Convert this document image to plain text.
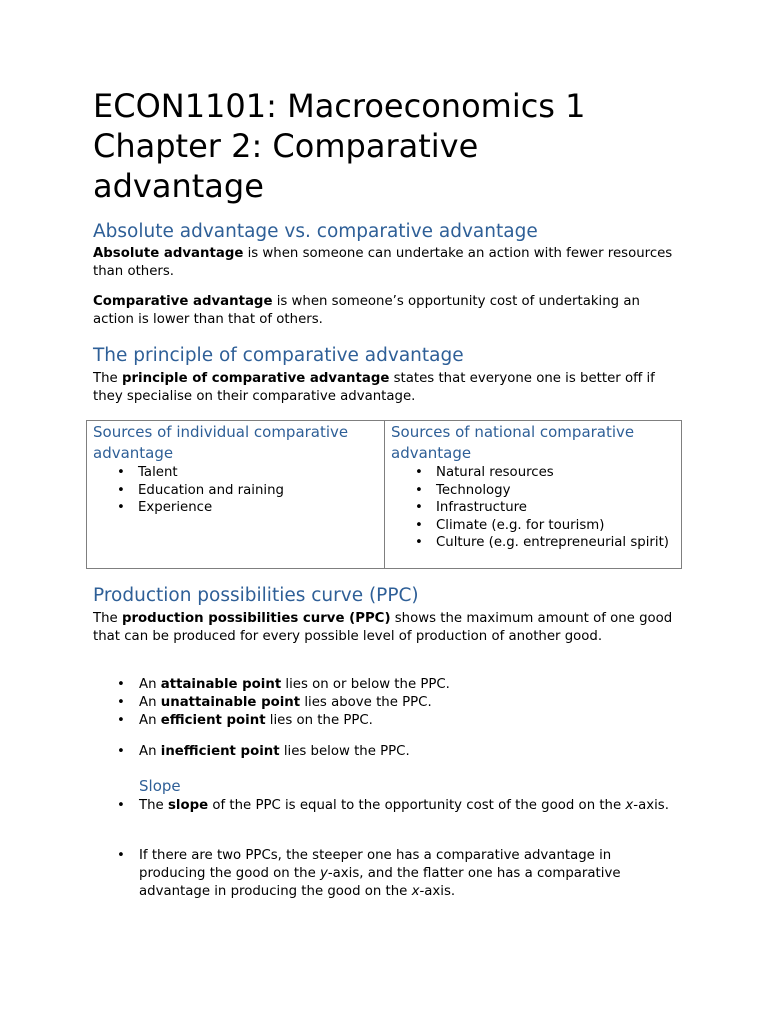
ECON1101: Macroeconomics 1
Chapter 2: Comparative
advantage
Absolute advantage vs. comparative advantage

Absolute advantage is when someone can undertake an action with fewer resources than others.

Comparative advantage is when someone’s opportunity cost of undertaking an action is lower than that of others.

The principle of comparative advantage

The principle of comparative advantage states that everyone one is better off if they specialise on their comparative advantage.

Sources of individual comparative advantage

• Talent
• Education and raining
• Experience

Sources of national comparative advantage

• Natural resources
• Technology
• Infrastructure
• Climate (e.g. for tourism)
• Culture (e.g. entrepreneurial spirit)
Production possibilities curve (PPC)

The production possibilities curve (PPC) shows the maximum amount of one good that can be produced for every possible level of production of another good.

• An attainable point lies on or below the PPC.
• An unattainable point lies above the PPC.
• An efficient point lies on the PPC.
• An inefficient point lies below the PPC.
Slope
• The slope of the PPC is equal to the opportunity cost of the good on the x-axis.
• If there are two PPCs, the steeper one has a comparative advantage in producing the good on the y-axis, and the flatter one has a comparative advantage in producing the good on the x-axis.
